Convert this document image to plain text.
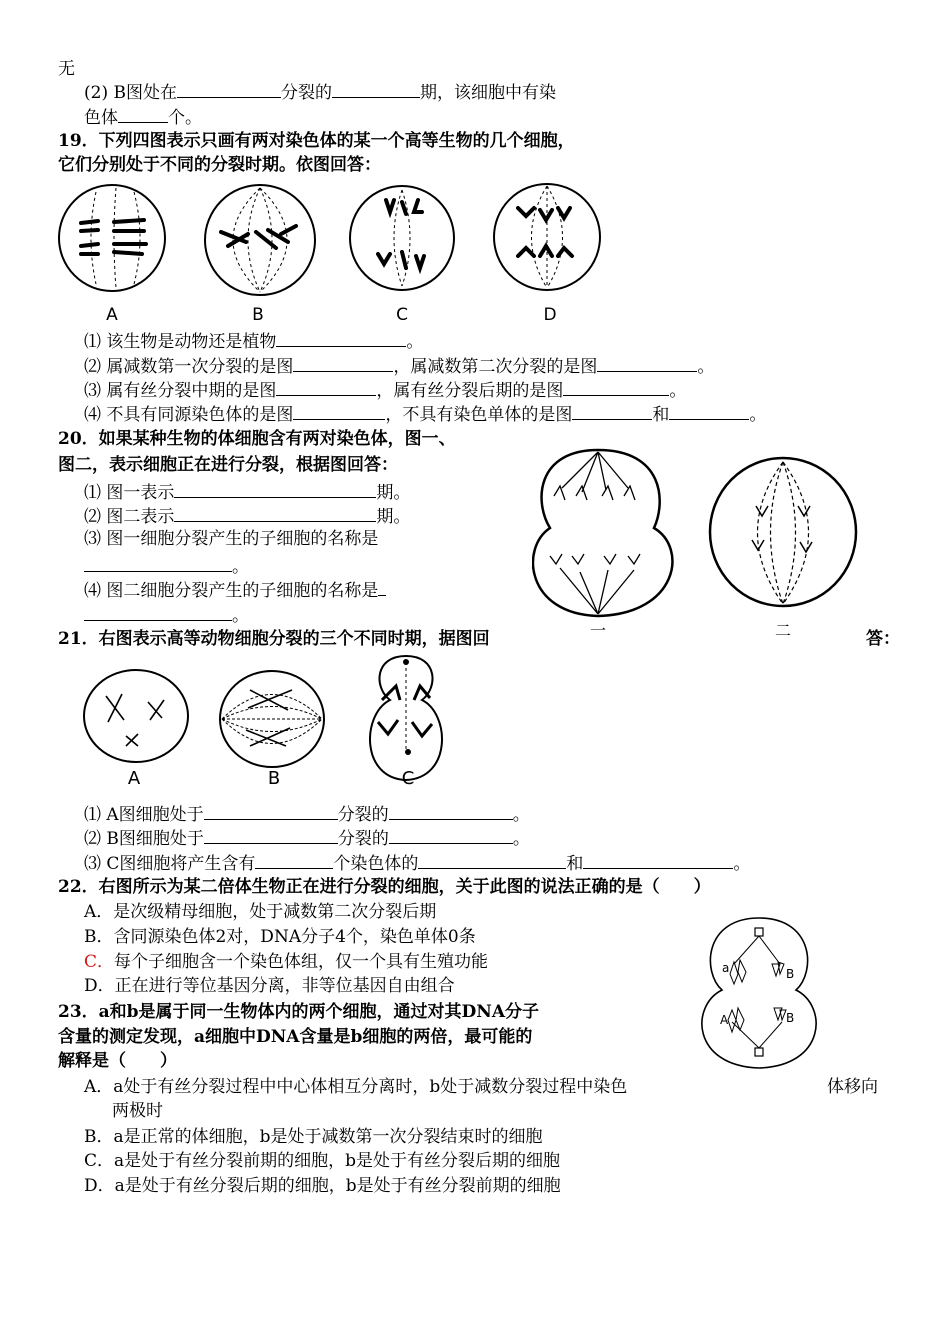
无
(2) B图处在	分裂的	期，该细胞中有染
色体	个。
19．下列四图表示只画有两对染色体的某一个高等生物的几个细胞，
它们分别处于不同的分裂时期。依图回答：
A	B	C	D
⑴ 该生物是动物还是植物	。
⑵ 属减数第一次分裂的是图	，属减数第二次分裂的是图	。
⑶ 属有丝分裂中期的是图	，属有丝分裂后期的是图	。
⑷ 不具有同源染色体的是图	，不具有染色单体的是图	和	。
20．如果某种生物的体细胞含有两对染色体，图一、
图二，表示细胞正在进行分裂，根据图回答：
⑴ 图一表示	期。
⑵ 图二表示	期。
⑶ 图一细胞分裂产生的子细胞的名称是
。
⑷ 图二细胞分裂产生的子细胞的名称是
。
一	二
21．右图表示高等动物细胞分裂的三个不同时期，据图回	答：
A	B	C
⑴ A图细胞处于	分裂的	。
⑵ B图细胞处于	分裂的	。
⑶ C图细胞将产生含有	个染色体的	和	。
22．右图所示为某二倍体生物正在进行分裂的细胞，关于此图的说法正确的是（　　）
A．是次级精母细胞，处于减数第二次分裂后期
B．含同源染色体2对，DNA分子4个，染色单体0条
C．每个子细胞含一个染色体组，仅一个具有生殖功能
D．正在进行等位基因分离，非等位基因自由组合
a	B
A	B
23．a和b是属于同一生物体内的两个细胞，通过对其DNA分子
含量的测定发现，a细胞中DNA含量是b细胞的两倍，最可能的
解释是（　　）
A．a处于有丝分裂过程中中心体相互分离时，b处于减数分裂过程中染色	体移向
两极时
B．a是正常的体细胞，b是处于减数第一次分裂结束时的细胞
C．a是处于有丝分裂前期的细胞，b是处于有丝分裂后期的细胞
D．a是处于有丝分裂后期的细胞，b是处于有丝分裂前期的细胞
